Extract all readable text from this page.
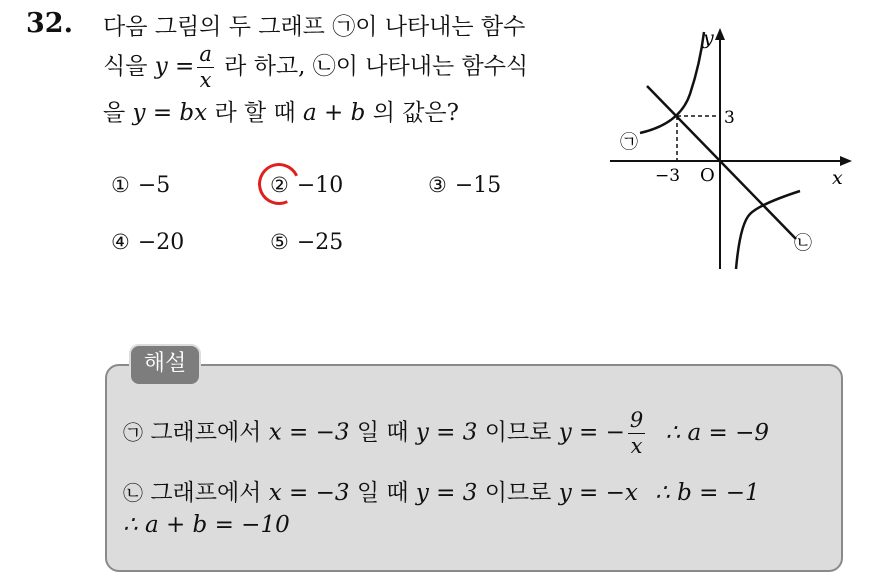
32. 다음 그림의 두 그래프 ㉠이 나타내는 함수
식을 $y = \frac{a}{x}$ 라 하고, ㉡이 나타내는 함수식
을 y = bx 라 할 때 a + b 의 값은?
① −5	② −10	③ −15
④ −20	⑤ −25
y
x
O
−3
3
㉠
㉡
해설
㉠ 그래프에서 x = −3 일 때 y = 3 이므로 y = − $\frac{9}{x}$ ∴ a = −9
㉡ 그래프에서 x = −3 일 때 y = 3 이므로 y = −x ∴ b = −1
∴ a + b = −10
